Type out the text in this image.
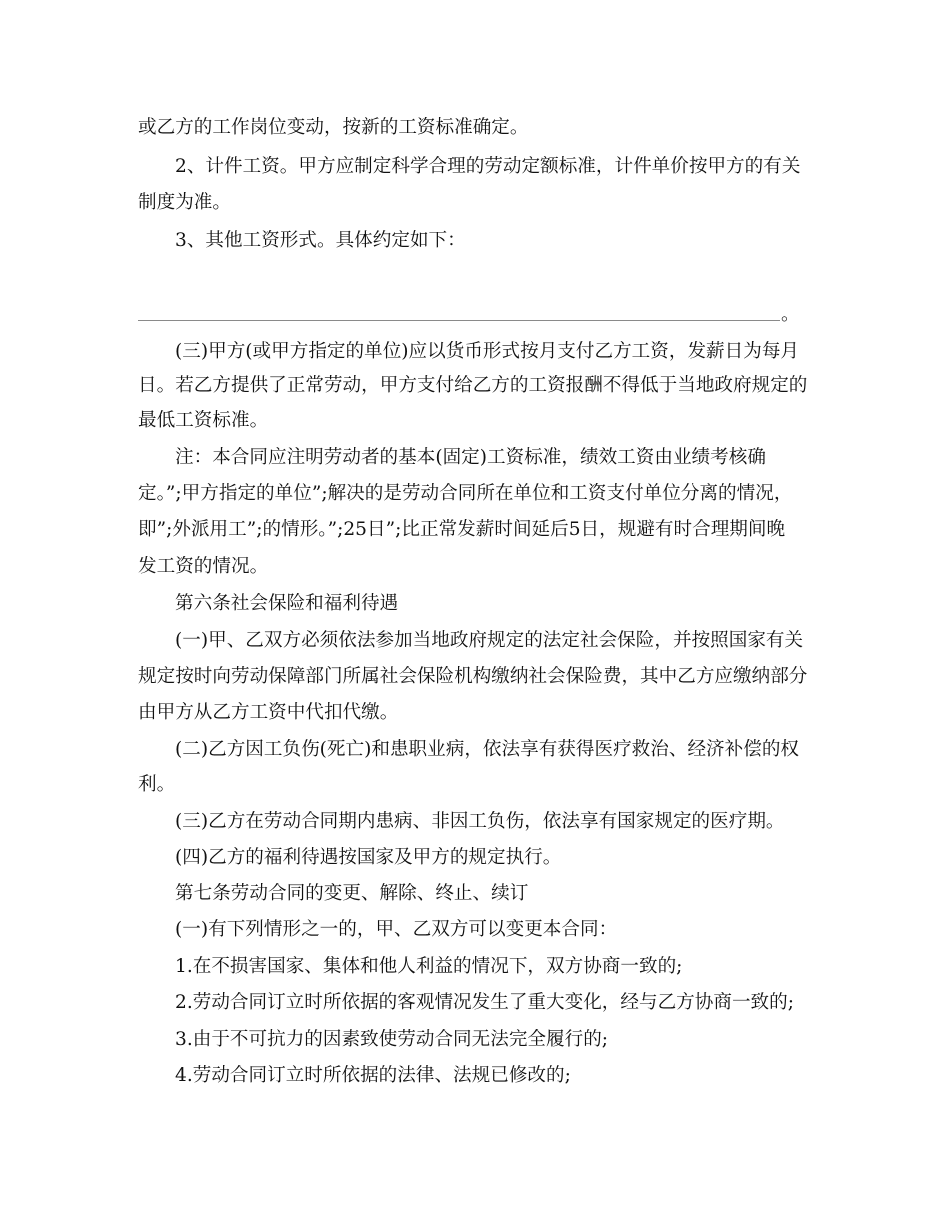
或乙方的工作岗位变动，按新的工资标准确定。
2、计件工资。甲方应制定科学合理的劳动定额标准，计件单价按甲方的有关
制度为准。
3、其他工资形式。具体约定如下：
。
(三)甲方(或甲方指定的单位)应以货币形式按月支付乙方工资，发薪日为每月
日。若乙方提供了正常劳动，甲方支付给乙方的工资报酬不得低于当地政府规定的
最低工资标准。
注：本合同应注明劳动者的基本(固定)工资标准，绩效工资由业绩考核确
定。”;甲方指定的单位”;解决的是劳动合同所在单位和工资支付单位分离的情况，
即”;外派用工”;的情形。”;25日”;比正常发薪时间延后5日，规避有时合理期间晚
发工资的情况。
第六条社会保险和福利待遇
(一)甲、乙双方必须依法参加当地政府规定的法定社会保险，并按照国家有关
规定按时向劳动保障部门所属社会保险机构缴纳社会保险费，其中乙方应缴纳部分
由甲方从乙方工资中代扣代缴。
(二)乙方因工负伤(死亡)和患职业病，依法享有获得医疗救治、经济补偿的权
利。
(三)乙方在劳动合同期内患病、非因工负伤，依法享有国家规定的医疗期。
(四)乙方的福利待遇按国家及甲方的规定执行。
第七条劳动合同的变更、解除、终止、续订
(一)有下列情形之一的，甲、乙双方可以变更本合同：
1.在不损害国家、集体和他人利益的情况下，双方协商一致的;
2.劳动合同订立时所依据的客观情况发生了重大变化，经与乙方协商一致的;
3.由于不可抗力的因素致使劳动合同无法完全履行的;
4.劳动合同订立时所依据的法律、法规已修改的;
